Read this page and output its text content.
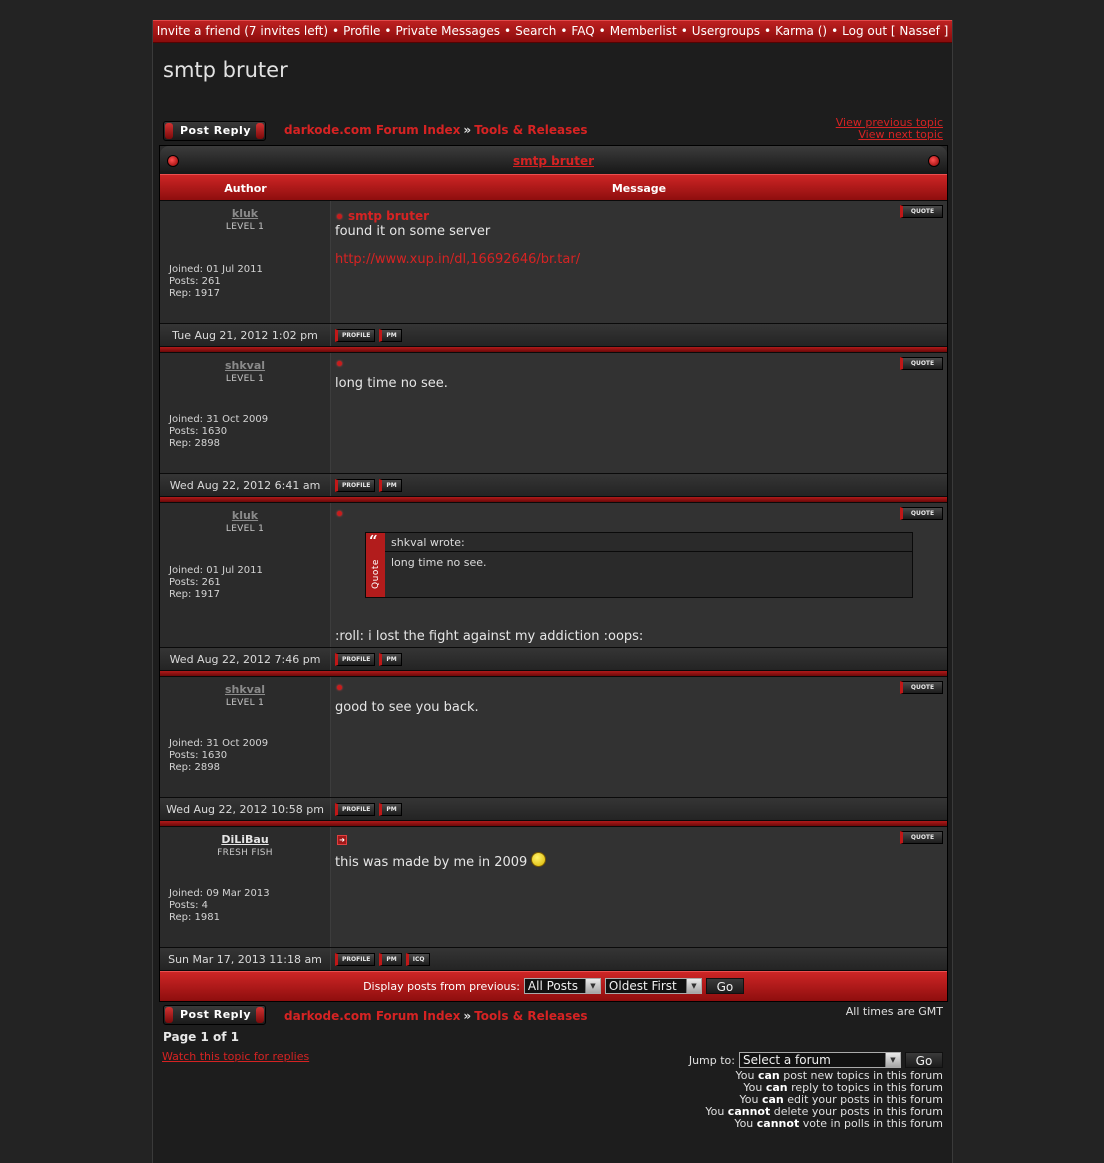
Invite a friend (7 invites left) • Profile • Private Messages • Search • FAQ • Memberlist • Usergroups • Karma () • Log out [ Nassef ]
smtp bruter
Post Reply	darkode.com Forum Index » Tools & Releases
View previous topic
View next topic
smtp bruter
Author	Message
kluk
LEVEL 1
Joined: 01 Jul 2011
Posts: 261
Rep: 1917
smtp bruter	QUOTE
found it on some server
http://www.xup.in/dl,16692646/br.tar/
Tue Aug 21, 2012 1:02 pm	PROFILE	PM
shkval
LEVEL 1
Joined: 31 Oct 2009
Posts: 1630
Rep: 2898
QUOTE
long time no see.
Wed Aug 22, 2012 6:41 am	PROFILE	PM
kluk
LEVEL 1
Joined: 01 Jul 2011
Posts: 261
Rep: 1917
QUOTE
“
Quote
shkval wrote:
long time no see.
:roll: i lost the fight against my addiction :oops:
Wed Aug 22, 2012 7:46 pm	PROFILE	PM
shkval
LEVEL 1
Joined: 31 Oct 2009
Posts: 1630
Rep: 2898
QUOTE
good to see you back.
Wed Aug 22, 2012 10:58 pm	PROFILE	PM
DiLiBau
FRESH FISH
Joined: 09 Mar 2013
Posts: 4
Rep: 1981
➜	QUOTE
this was made by me in 2009
Sun Mar 17, 2013 11:18 am	PROFILE	PM	ICQ
Display posts from previous: All Posts	▼	Oldest First	▼	Go
Post Reply	darkode.com Forum Index » Tools & Releases	All times are GMT
Page 1 of 1
Watch this topic for replies	Jump to: Select a forum	▼	Go
You can post new topics in this forum
You can reply to topics in this forum
You can edit your posts in this forum
You cannot delete your posts in this forum
You cannot vote in polls in this forum
